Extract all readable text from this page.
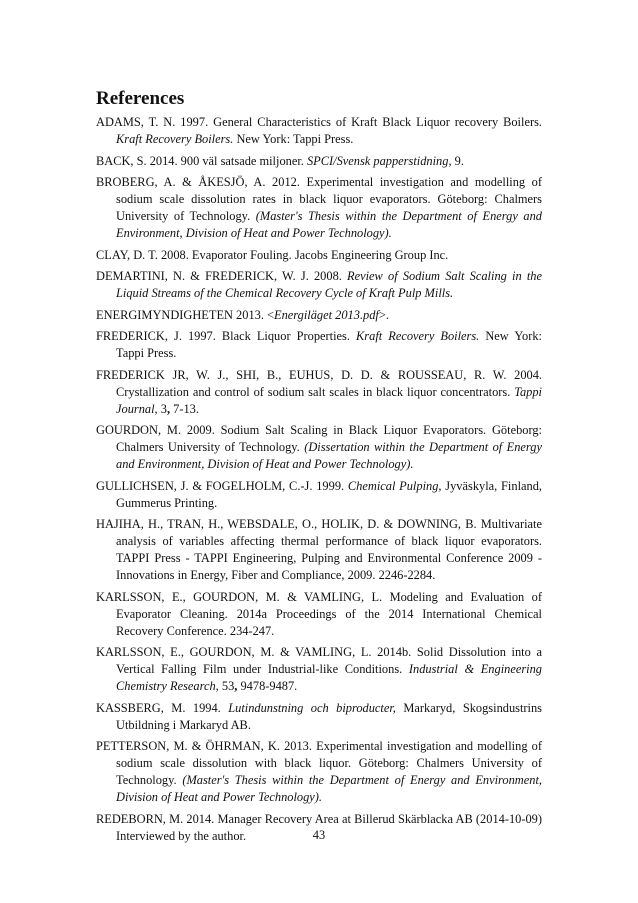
References

ADAMS, T. N. 1997. General Characteristics of Kraft Black Liquor recovery Boilers. Kraft Recovery Boilers. New York: Tappi Press.

BACK, S. 2014. 900 väl satsade miljoner. SPCI/Svensk papperstidning, 9.

BROBERG, A. & ÅKESJÖ, A. 2012. Experimental investigation and modelling of sodium scale dissolution rates in black liquor evaporators. Göteborg: Chalmers University of Technology. (Master's Thesis within the Department of Energy and Environment, Division of Heat and Power Technology).

CLAY, D. T. 2008. Evaporator Fouling. Jacobs Engineering Group Inc.

DEMARTINI, N. & FREDERICK, W. J. 2008. Review of Sodium Salt Scaling in the Liquid Streams of the Chemical Recovery Cycle of Kraft Pulp Mills.

ENERGIMYNDIGHETEN 2013. <Energiläget 2013.pdf>.

FREDERICK, J. 1997. Black Liquor Properties. Kraft Recovery Boilers. New York: Tappi Press.

FREDERICK JR, W. J., SHI, B., EUHUS, D. D. & ROUSSEAU, R. W. 2004. Crystallization and control of sodium salt scales in black liquor concentrators. Tappi Journal, 3, 7-13.

GOURDON, M. 2009. Sodium Salt Scaling in Black Liquor Evaporators. Göteborg: Chalmers University of Technology. (Dissertation within the Department of Energy and Environment, Division of Heat and Power Technology).

GULLICHSEN, J. & FOGELHOLM, C.-J. 1999. Chemical Pulping, Jyväskyla, Finland, Gummerus Printing.

HAJIHA, H., TRAN, H., WEBSDALE, O., HOLIK, D. & DOWNING, B. Multivariate analysis of variables affecting thermal performance of black liquor evaporators. TAPPI Press - TAPPI Engineering, Pulping and Environmental Conference 2009 - Innovations in Energy, Fiber and Compliance, 2009. 2246-2284.

KARLSSON, E., GOURDON, M. & VAMLING, L. Modeling and Evaluation of Evaporator Cleaning. 2014a Proceedings of the 2014 International Chemical Recovery Conference. 234-247.

KARLSSON, E., GOURDON, M. & VAMLING, L. 2014b. Solid Dissolution into a Vertical Falling Film under Industrial-like Conditions. Industrial & Engineering Chemistry Research, 53, 9478-9487.

KASSBERG, M. 1994. Lutindunstning och biproducter, Markaryd, Skogsindustrins Utbildning i Markaryd AB.

PETTERSON, M. & ÖHRMAN, K. 2013. Experimental investigation and modelling of sodium scale dissolution with black liquor. Göteborg: Chalmers University of Technology. (Master's Thesis within the Department of Energy and Environment, Division of Heat and Power Technology).

REDEBORN, M. 2014. Manager Recovery Area at Billerud Skärblacka AB (2014-10-09) Interviewed by the author.	43
